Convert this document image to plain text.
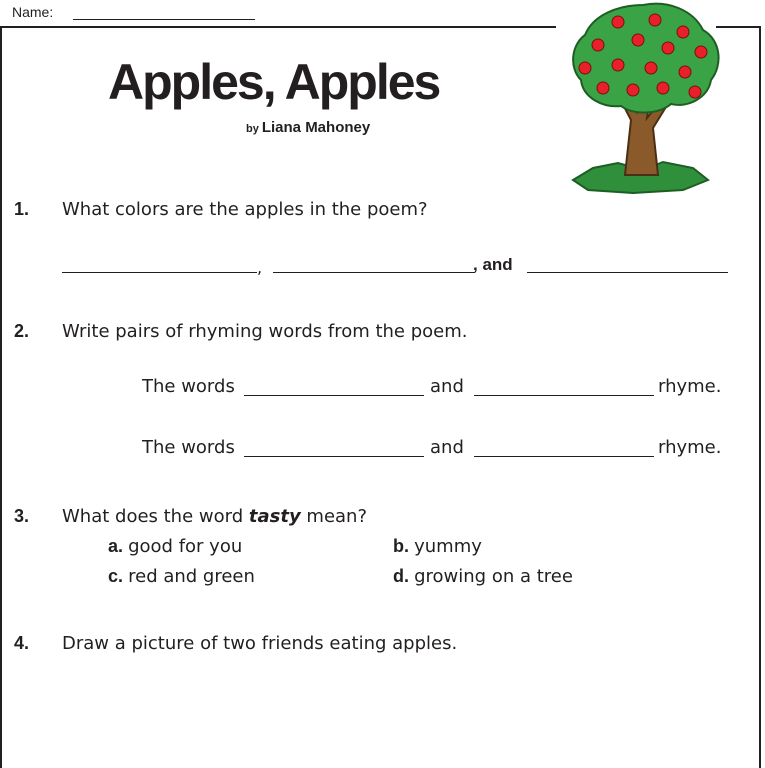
Name:
Apples, Apples
by Liana Mahoney
1. What colors are the apples in the poem?
,	, and
2. Write pairs of rhyming words from the poem.
The words	and	rhyme.
The words	and	rhyme.
3. What does the word tasty mean?
a. good for you	b. yummy
c. red and green	d. growing on a tree
4. Draw a picture of two friends eating apples.
